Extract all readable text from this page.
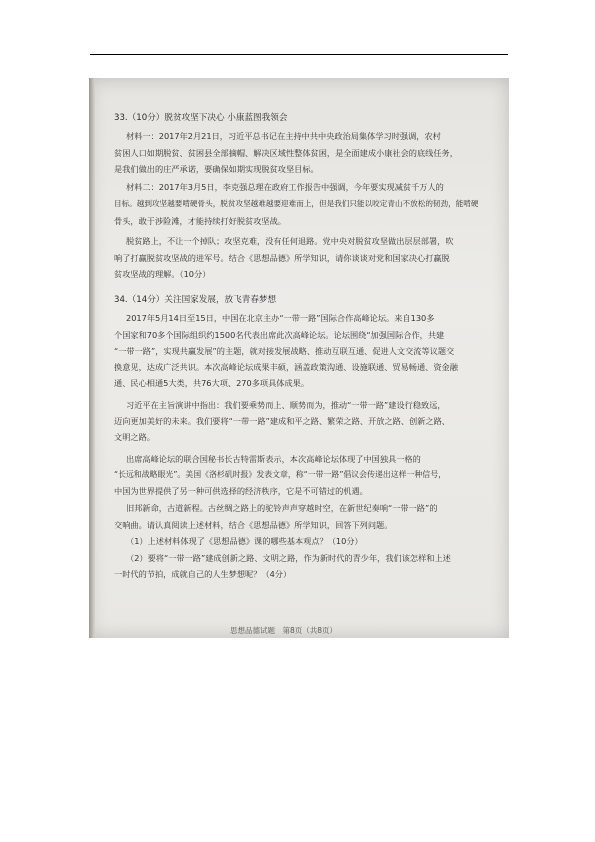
33.（10分）脱贫攻坚下决心 小康蓝图我领会
材料一：2017年2月21日，习近平总书记在主持中共中央政治局集体学习时强调，农村
贫困人口如期脱贫、贫困县全部摘帽、解决区域性整体贫困，是全面建成小康社会的底线任务，
是我们做出的庄严承诺，要确保如期实现脱贫攻坚目标。
材料二：2017年3月5日，李克强总理在政府工作报告中强调，今年要实现减贫千万人的
目标。越到攻坚越要啃硬骨头，脱贫攻坚越难越要迎难而上，但是我们只能以咬定青山不放松的韧劲，能啃硬
骨头，敢于涉险滩，才能持续打好脱贫攻坚战。
脱贫路上，不让一个掉队；攻坚克难，没有任何退路。党中央对脱贫攻坚做出层层部署，吹
响了打赢脱贫攻坚战的进军号。结合《思想品德》所学知识，请你谈谈对党和国家决心打赢脱
贫攻坚战的理解。（10分）
34.（14分）关注国家发展，放飞青春梦想
2017年5月14日至15日，中国在北京主办“一带一路”国际合作高峰论坛。来自130多
个国家和70多个国际组织约1500名代表出席此次高峰论坛。论坛围绕“加强国际合作，共建
“一带一路”，实现共赢发展”的主题，就对接发展战略、推动互联互通、促进人文交流等议题交
换意见，达成广泛共识。本次高峰论坛成果丰硕，涵盖政策沟通、设施联通、贸易畅通、资金融
通、民心相通5大类，共76大项、270多项具体成果。
习近平在主旨演讲中指出：我们要乘势而上、顺势而为，推动“一带一路”建设行稳致远，
迈向更加美好的未来。我们要将“一带一路”建成和平之路、繁荣之路、开放之路、创新之路、
文明之路。
出席高峰论坛的联合国秘书长古特雷斯表示，本次高峰论坛体现了中国独具一格的
“长远和战略眼光”。美国《洛杉矶时报》发表文章，称“一带一路”倡议会传递出这样一种信号，
中国为世界提供了另一种可供选择的经济秩序，它是不可错过的机遇。
旧邦新命，古道新程。古丝绸之路上的驼铃声声穿越时空，在新世纪奏响“一带一路”的
交响曲。请认真阅读上述材料，结合《思想品德》所学知识，回答下列问题。
（1）上述材料体现了《思想品德》课的哪些基本观点？（10分）
（2）要将“一带一路”建成创新之路、文明之路，作为新时代的青少年，我们该怎样和上述
一时代的节拍，成就自己的人生梦想呢？（4分）
思想品德试题　第8页（共8页）
